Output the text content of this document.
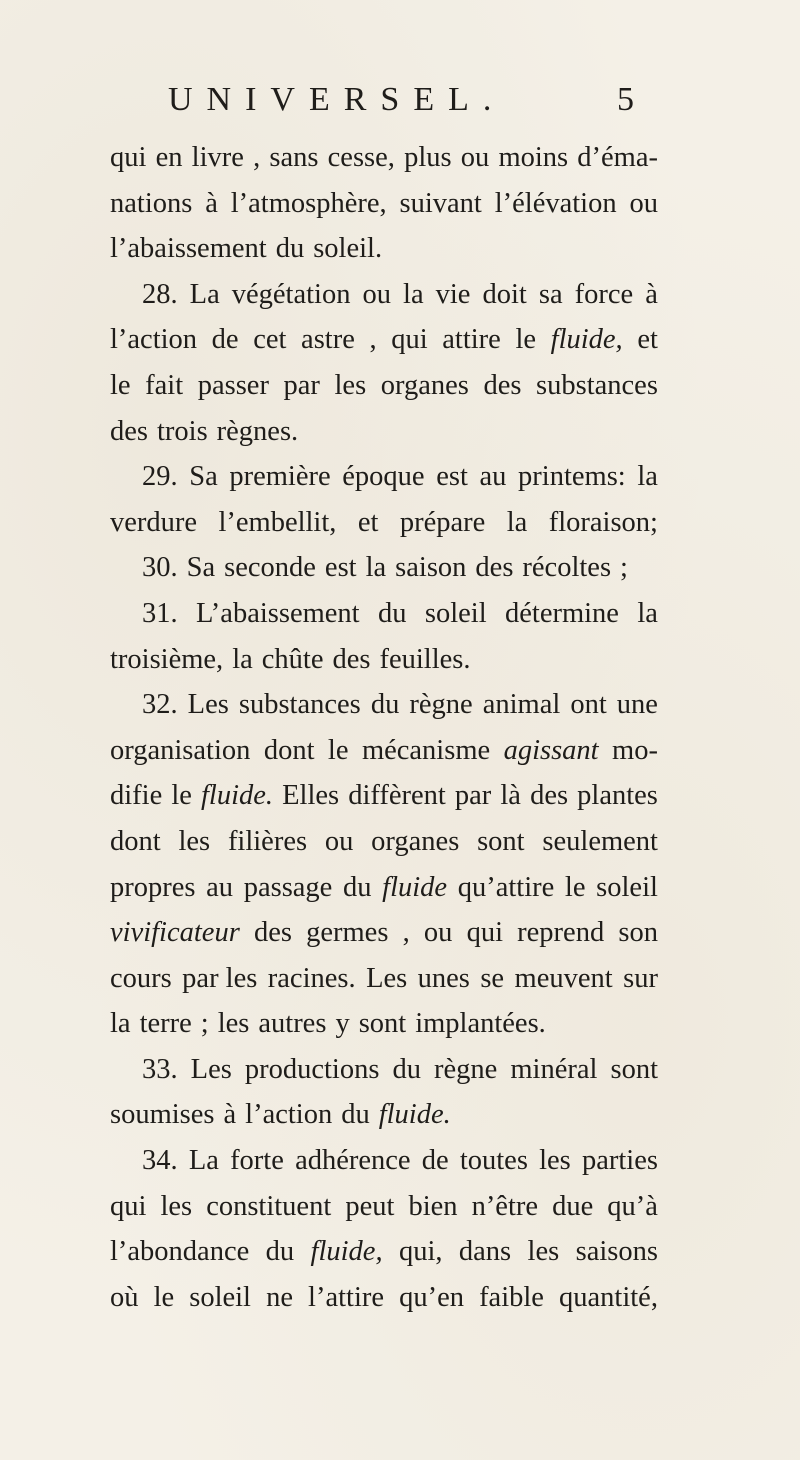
UNIVERSEL.	5
qui en livre , sans cesse, plus ou moins d’éma-
nations à l’atmosphère, suivant l’élévation ou
l’abaissement du soleil.
28. La végétation ou la vie doit sa force à
l’action de cet astre , qui attire le fluide, et
le fait passer par les organes des substances
des trois règnes.
29. Sa première époque est au printems: la
verdure l’embellit, et prépare la floraison;
30. Sa seconde est la saison des récoltes ;
31. L’abaissement du soleil détermine la
troisième, la chûte des feuilles.
32. Les substances du règne animal ont une
organisation dont le mécanisme agissant mo-
difie le fluide. Elles diffèrent par là des plantes
dont les filières ou organes sont seulement
propres au passage du fluide qu’attire le soleil
vivificateur des germes , ou qui reprend son
cours par les racines. Les unes se meuvent sur
la terre ; les autres y sont implantées.
33. Les productions du règne minéral sont
soumises à l’action du fluide.
34. La forte adhérence de toutes les parties
qui les constituent peut bien n’être due qu’à
l’abondance du fluide, qui, dans les saisons
où le soleil ne l’attire qu’en faible quantité,
